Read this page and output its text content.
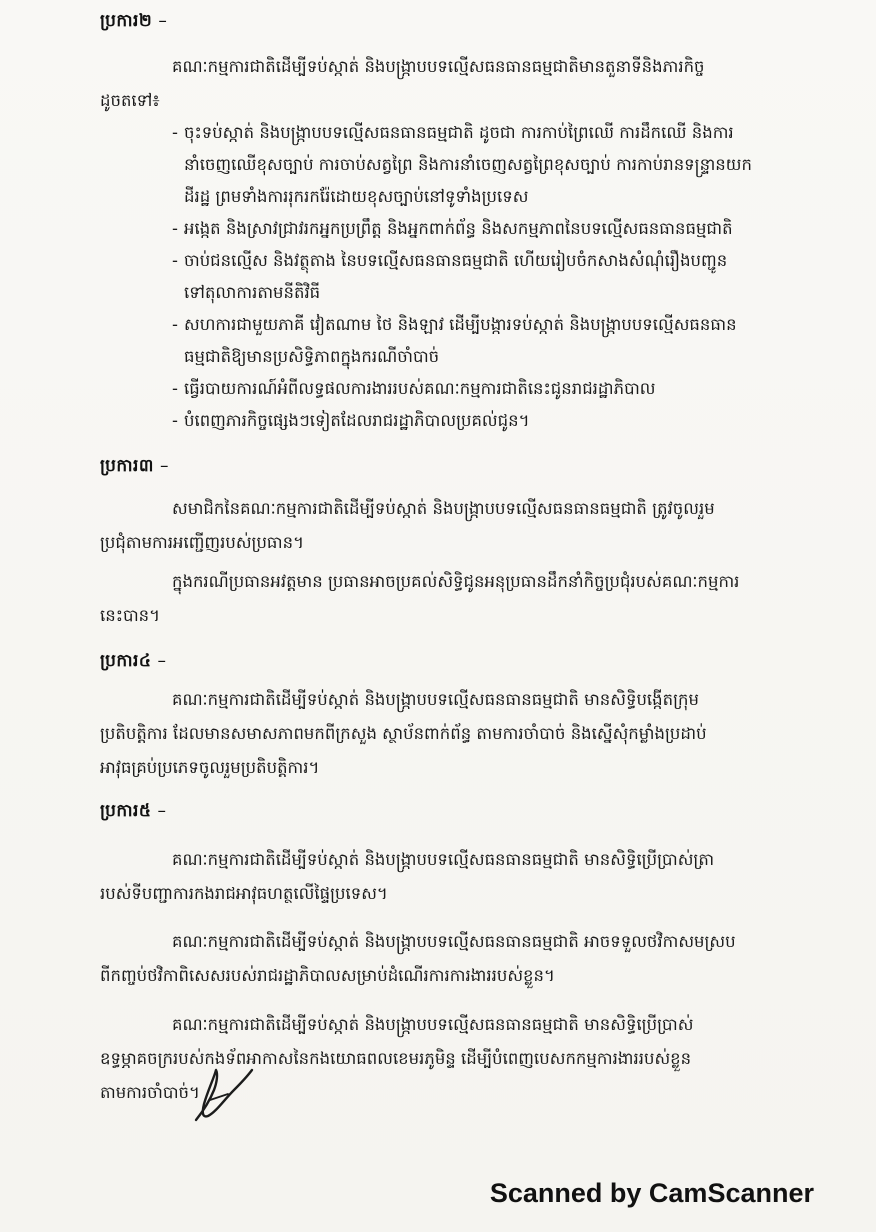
ប្រការ២ –
គណៈកម្មការជាតិដើម្បីទប់ស្កាត់ និងបង្ក្រាបបទល្មើសធនធានធម្មជាតិមានតួនាទីនិងភារកិច្ច
ដូចតទៅ៖
- ចុះទប់ស្កាត់ និងបង្ក្រាបបទល្មើសធនធានធម្មជាតិ ដូចជា ការកាប់ព្រៃឈើ ការដឹកឈើ និងការ
នាំចេញឈើខុសច្បាប់ ការចាប់សត្វព្រៃ និងការនាំចេញសត្វព្រៃខុសច្បាប់ ការកាប់រានទន្ទ្រានយក
ដីរដ្ឋ ព្រមទាំងការរុករករ៉ែដោយខុសច្បាប់នៅទូទាំងប្រទេស
- អង្កេត និងស្រាវជ្រាវរកអ្នកប្រព្រឹត្ត និងអ្នកពាក់ព័ន្ធ និងសកម្មភាពនៃបទល្មើសធនធានធម្មជាតិ
- ចាប់ជនល្មើស និងវត្ថុតាង នៃបទល្មើសធនធានធម្មជាតិ ហើយរៀបចំកសាងសំណុំរឿងបញ្ជូន
ទៅតុលាការតាមនីតិវិធី
- សហការជាមួយភាគី វៀតណាម ថៃ និងឡាវ ដើម្បីបង្ការទប់ស្កាត់ និងបង្ក្រាបបទល្មើសធនធាន
ធម្មជាតិឱ្យមានប្រសិទ្ធិភាពក្នុងករណីចាំបាច់
- ធ្វើរបាយការណ៍អំពីលទ្ធផលការងាររបស់គណៈកម្មការជាតិនេះជូនរាជរដ្ឋាភិបាល
- បំពេញភារកិច្ចផ្សេងៗទៀតដែលរាជរដ្ឋាភិបាលប្រគល់ជូន។
ប្រការ៣ –
សមាជិកនៃគណៈកម្មការជាតិដើម្បីទប់ស្កាត់ និងបង្ក្រាបបទល្មើសធនធានធម្មជាតិ ត្រូវចូលរួម
ប្រជុំតាមការអញ្ជើញរបស់ប្រធាន។
ក្នុងករណីប្រធានអវត្តមាន ប្រធានអាចប្រគល់សិទ្ធិជូនអនុប្រធានដឹកនាំកិច្ចប្រជុំរបស់គណៈកម្មការ
នេះបាន។
ប្រការ៤ –
គណៈកម្មការជាតិដើម្បីទប់ស្កាត់ និងបង្ក្រាបបទល្មើសធនធានធម្មជាតិ មានសិទ្ធិបង្កើតក្រុម
ប្រតិបត្តិការ ដែលមានសមាសភាពមកពីក្រសួង ស្ថាប័នពាក់ព័ន្ធ តាមការចាំបាច់ និងស្នើសុំកម្លាំងប្រដាប់
អាវុធគ្រប់ប្រភេទចូលរួមប្រតិបត្តិការ។
ប្រការ៥ –
គណៈកម្មការជាតិដើម្បីទប់ស្កាត់ និងបង្ក្រាបបទល្មើសធនធានធម្មជាតិ មានសិទ្ធិប្រើប្រាស់ត្រា
របស់ទីបញ្ជាការកងរាជអាវុធហត្ថលើផ្ទៃប្រទេស។
គណៈកម្មការជាតិដើម្បីទប់ស្កាត់ និងបង្ក្រាបបទល្មើសធនធានធម្មជាតិ អាចទទួលថវិកាសមស្រប
ពីកញ្ចប់ថវិកាពិសេសរបស់រាជរដ្ឋាភិបាលសម្រាប់ដំណើរការការងាររបស់ខ្លួន។
គណៈកម្មការជាតិដើម្បីទប់ស្កាត់ និងបង្ក្រាបបទល្មើសធនធានធម្មជាតិ មានសិទ្ធិប្រើប្រាស់
ឧទ្ធម្ភាគចក្ររបស់កងទ័ពអាកាសនៃកងយោធពលខេមរភូមិន្ទ ដើម្បីបំពេញបេសកកម្មការងាររបស់ខ្លួន
តាមការចាំបាច់។
Scanned by CamScanner
